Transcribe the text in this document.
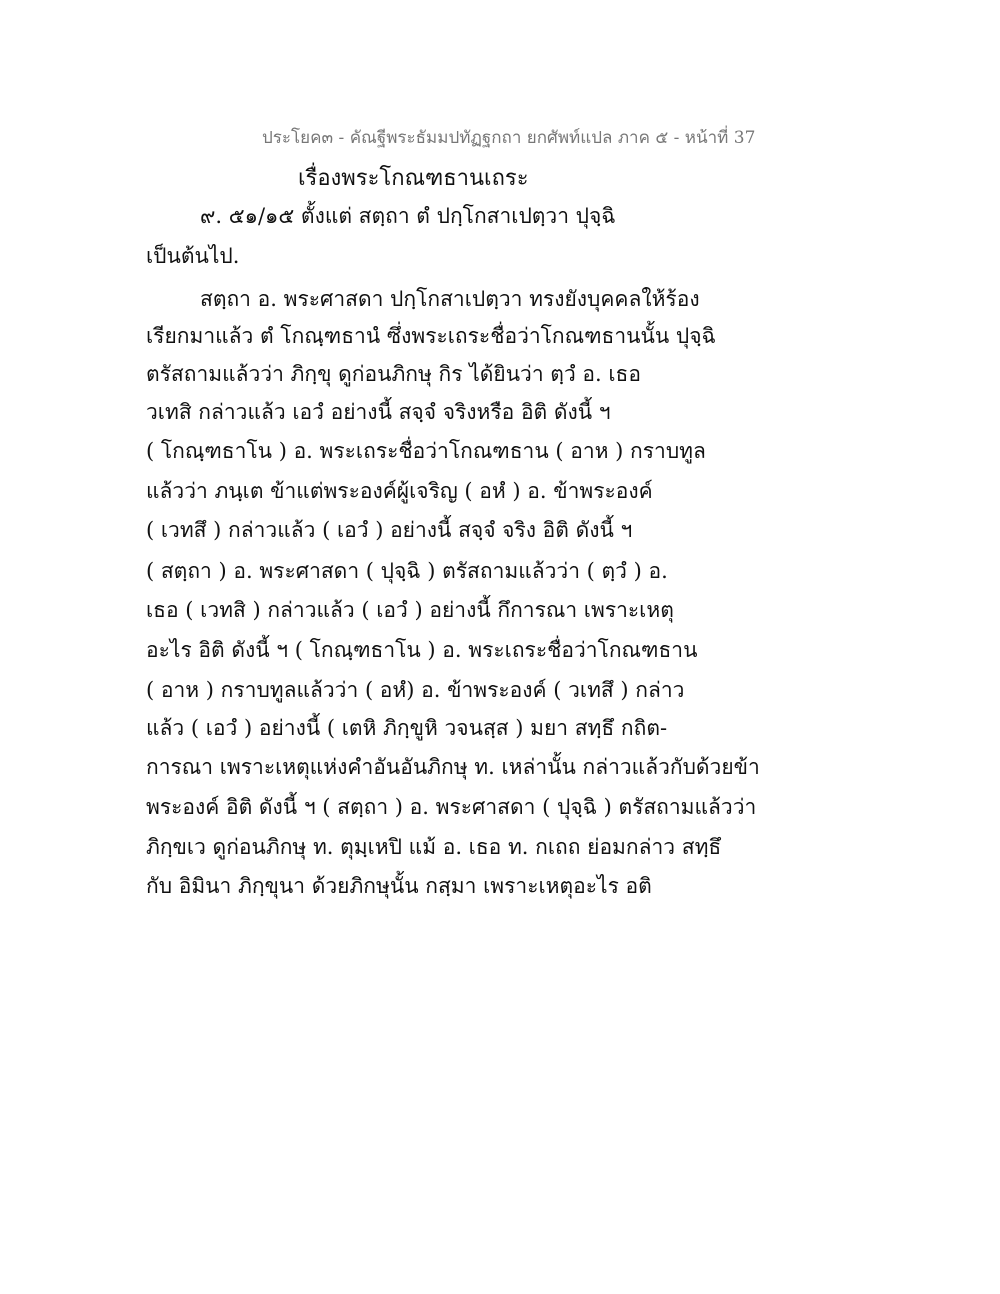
ประโยค๓ - คัณฐีพระธัมมปทัฏฐกถา ยกศัพท์แปล ภาค ๕ - หน้าที่ 37
เรื่องพระโกณฑธานเถระ
๙. ๕๑/๑๕ ตั้งแต่ สตฺถา ตํ ปกฺโกสาเปตฺวา ปุจฺฉิ
เป็นต้นไป.
สตฺถา อ. พระศาสดา ปกฺโกสาเปตฺวา ทรงยังบุคคลให้ร้อง
เรียกมาแล้ว ตํ โกณฺฑธานํ ซึ่งพระเถระชื่อว่าโกณฑธานนั้น ปุจฺฉิ
ตรัสถามแล้วว่า ภิกฺขุ ดูก่อนภิกษุ กิร ได้ยินว่า ตฺวํ อ. เธอ
วเทสิ กล่าวแล้ว เอวํ อย่างนี้ สจฺจํ จริงหรือ อิติ ดังนี้ ฯ
( โกณฺฑธาโน ) อ. พระเถระชื่อว่าโกณฑธาน ( อาห ) กราบทูล
แล้วว่า ภนฺเต ข้าแต่พระองค์ผู้เจริญ ( อหํ ) อ. ข้าพระองค์
( เวทสึ ) กล่าวแล้ว ( เอวํ ) อย่างนี้ สจฺจํ จริง อิติ ดังนี้ ฯ
( สตฺถา ) อ. พระศาสดา ( ปุจฺฉิ ) ตรัสถามแล้วว่า ( ตฺวํ ) อ.
เธอ ( เวทสิ ) กล่าวแล้ว ( เอวํ ) อย่างนี้ กึการณา เพราะเหตุ
อะไร อิติ ดังนี้ ฯ ( โกณฺฑธาโน ) อ. พระเถระชื่อว่าโกณฑธาน
( อาห ) กราบทูลแล้วว่า ( อหํ) อ. ข้าพระองค์ ( วเทสึ ) กล่าว
แล้ว ( เอวํ ) อย่างนี้ ( เตหิ ภิกฺขูหิ วจนสฺส ) มยา สทฺธึ กถิต-
การณา เพราะเหตุแห่งคำอันอันภิกษุ ท. เหล่านั้น กล่าวแล้วกับด้วยข้า
พระองค์ อิติ ดังนี้ ฯ ( สตฺถา ) อ. พระศาสดา ( ปุจฺฉิ ) ตรัสถามแล้วว่า
ภิกฺขเว ดูก่อนภิกษุ ท. ตุมฺเหปิ แม้ อ. เธอ ท. กเถถ ย่อมกล่าว สทฺธึ
กับ อิมินา ภิกฺขุนา ด้วยภิกษุนั้น กสฺมา เพราะเหตุอะไร อติ
